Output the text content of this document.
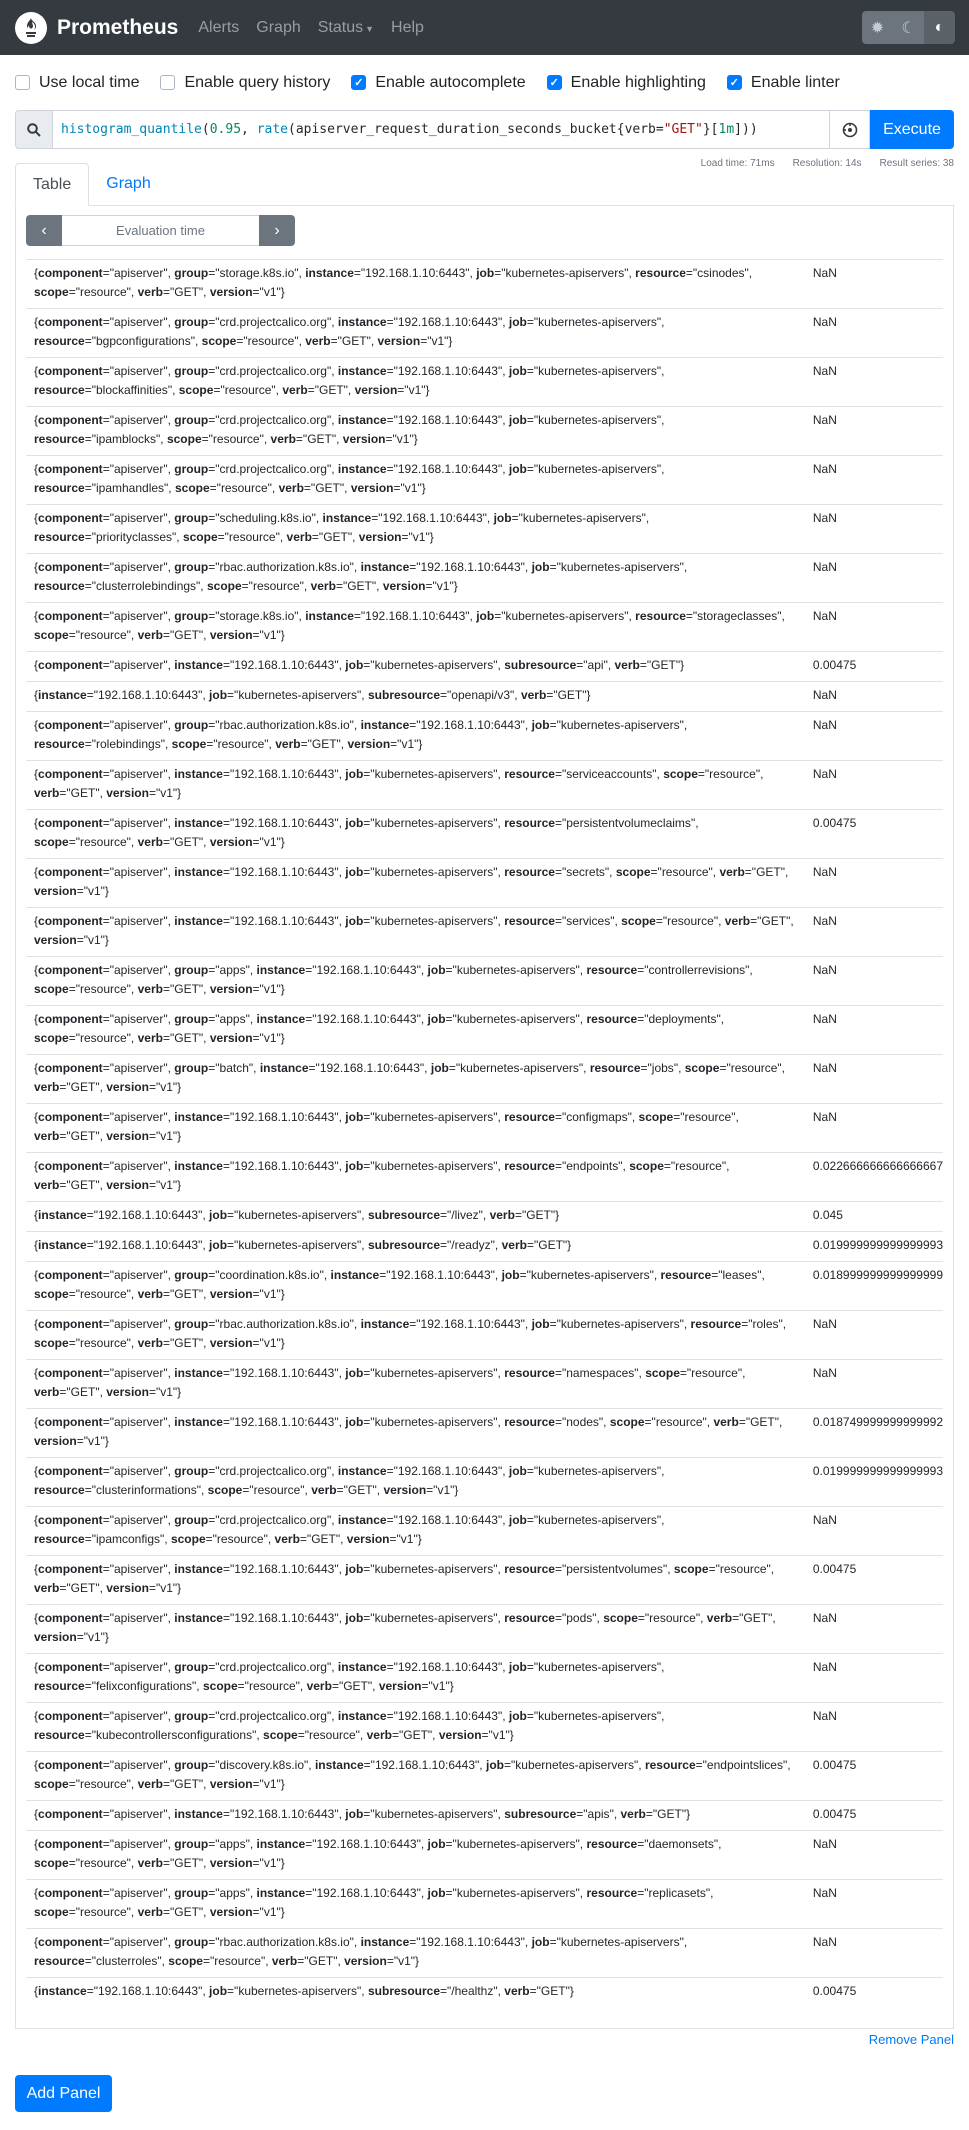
Prometheus Alerts Graph Status ▼ Help	✹	☾	◐
Use local time	Enable query history ✓ Enable autocomplete ✓ Enable highlighting ✓ Enable linter
histogram_quantile(0.95, rate(apiserver_request_duration_seconds_bucket{verb="GET"}[1m]))	Execute
Load time: 71ms Resolution: 14s Result series: 38
Table	Graph
‹	Evaluation time	›
{component="apiserver", group="storage.k8s.io", instance="192.168.1.10:6443", job="kubernetes-apiservers", resource="csinodes", scope="resource", verb="GET", version="v1"}	NaN
{component="apiserver", group="crd.projectcalico.org", instance="192.168.1.10:6443", job="kubernetes-apiservers", resource="bgpconfigurations", scope="resource", verb="GET", version="v1"}	NaN
{component="apiserver", group="crd.projectcalico.org", instance="192.168.1.10:6443", job="kubernetes-apiservers", resource="blockaffinities", scope="resource", verb="GET", version="v1"}	NaN
{component="apiserver", group="crd.projectcalico.org", instance="192.168.1.10:6443", job="kubernetes-apiservers", resource="ipamblocks", scope="resource", verb="GET", version="v1"}	NaN
{component="apiserver", group="crd.projectcalico.org", instance="192.168.1.10:6443", job="kubernetes-apiservers", resource="ipamhandles", scope="resource", verb="GET", version="v1"}	NaN
{component="apiserver", group="scheduling.k8s.io", instance="192.168.1.10:6443", job="kubernetes-apiservers", resource="priorityclasses", scope="resource", verb="GET", version="v1"}	NaN
{component="apiserver", group="rbac.authorization.k8s.io", instance="192.168.1.10:6443", job="kubernetes-apiservers", resource="clusterrolebindings", scope="resource", verb="GET", version="v1"}	NaN
{component="apiserver", group="storage.k8s.io", instance="192.168.1.10:6443", job="kubernetes-apiservers", resource="storageclasses", scope="resource", verb="GET", version="v1"}	NaN
{component="apiserver", instance="192.168.1.10:6443", job="kubernetes-apiservers", subresource="api", verb="GET"}	0.00475
{instance="192.168.1.10:6443", job="kubernetes-apiservers", subresource="openapi/v3", verb="GET"}	NaN
{component="apiserver", group="rbac.authorization.k8s.io", instance="192.168.1.10:6443", job="kubernetes-apiservers", resource="rolebindings", scope="resource", verb="GET", version="v1"}	NaN
{component="apiserver", instance="192.168.1.10:6443", job="kubernetes-apiservers", resource="serviceaccounts", scope="resource", verb="GET", version="v1"}	NaN
{component="apiserver", instance="192.168.1.10:6443", job="kubernetes-apiservers", resource="persistentvolumeclaims", scope="resource", verb="GET", version="v1"}	0.00475
{component="apiserver", instance="192.168.1.10:6443", job="kubernetes-apiservers", resource="secrets", scope="resource", verb="GET", version="v1"}	NaN
{component="apiserver", instance="192.168.1.10:6443", job="kubernetes-apiservers", resource="services", scope="resource", verb="GET", version="v1"}	NaN
{component="apiserver", group="apps", instance="192.168.1.10:6443", job="kubernetes-apiservers", resource="controllerrevisions", scope="resource", verb="GET", version="v1"}	NaN
{component="apiserver", group="apps", instance="192.168.1.10:6443", job="kubernetes-apiservers", resource="deployments", scope="resource", verb="GET", version="v1"}	NaN
{component="apiserver", group="batch", instance="192.168.1.10:6443", job="kubernetes-apiservers", resource="jobs", scope="resource", verb="GET", version="v1"}	NaN
{component="apiserver", instance="192.168.1.10:6443", job="kubernetes-apiservers", resource="configmaps", scope="resource", verb="GET", version="v1"}	NaN
{component="apiserver", instance="192.168.1.10:6443", job="kubernetes-apiservers", resource="endpoints", scope="resource", verb="GET", version="v1"}	0.022666666666666667
{instance="192.168.1.10:6443", job="kubernetes-apiservers", subresource="/livez", verb="GET"}	0.045
{instance="192.168.1.10:6443", job="kubernetes-apiservers", subresource="/readyz", verb="GET"}	0.019999999999999993
{component="apiserver", group="coordination.k8s.io", instance="192.168.1.10:6443", job="kubernetes-apiservers", resource="leases", scope="resource", verb="GET", version="v1"}	0.018999999999999999
{component="apiserver", group="rbac.authorization.k8s.io", instance="192.168.1.10:6443", job="kubernetes-apiservers", resource="roles", scope="resource", verb="GET", version="v1"}	NaN
{component="apiserver", instance="192.168.1.10:6443", job="kubernetes-apiservers", resource="namespaces", scope="resource", verb="GET", version="v1"}	NaN
{component="apiserver", instance="192.168.1.10:6443", job="kubernetes-apiservers", resource="nodes", scope="resource", verb="GET", version="v1"}	0.018749999999999992
{component="apiserver", group="crd.projectcalico.org", instance="192.168.1.10:6443", job="kubernetes-apiservers", resource="clusterinformations", scope="resource", verb="GET", version="v1"}	0.019999999999999993
{component="apiserver", group="crd.projectcalico.org", instance="192.168.1.10:6443", job="kubernetes-apiservers", resource="ipamconfigs", scope="resource", verb="GET", version="v1"}	NaN
{component="apiserver", instance="192.168.1.10:6443", job="kubernetes-apiservers", resource="persistentvolumes", scope="resource", verb="GET", version="v1"}	0.00475
{component="apiserver", instance="192.168.1.10:6443", job="kubernetes-apiservers", resource="pods", scope="resource", verb="GET", version="v1"}	NaN
{component="apiserver", group="crd.projectcalico.org", instance="192.168.1.10:6443", job="kubernetes-apiservers", resource="felixconfigurations", scope="resource", verb="GET", version="v1"}	NaN
{component="apiserver", group="crd.projectcalico.org", instance="192.168.1.10:6443", job="kubernetes-apiservers", resource="kubecontrollersconfigurations", scope="resource", verb="GET", version="v1"}	NaN
{component="apiserver", group="discovery.k8s.io", instance="192.168.1.10:6443", job="kubernetes-apiservers", resource="endpointslices", scope="resource", verb="GET", version="v1"}	0.00475
{component="apiserver", instance="192.168.1.10:6443", job="kubernetes-apiservers", subresource="apis", verb="GET"}	0.00475
{component="apiserver", group="apps", instance="192.168.1.10:6443", job="kubernetes-apiservers", resource="daemonsets", scope="resource", verb="GET", version="v1"}	NaN
{component="apiserver", group="apps", instance="192.168.1.10:6443", job="kubernetes-apiservers", resource="replicasets", scope="resource", verb="GET", version="v1"}	NaN
{component="apiserver", group="rbac.authorization.k8s.io", instance="192.168.1.10:6443", job="kubernetes-apiservers", resource="clusterroles", scope="resource", verb="GET", version="v1"}	NaN
{instance="192.168.1.10:6443", job="kubernetes-apiservers", subresource="/healthz", verb="GET"}	0.00475
Remove Panel
Add Panel
